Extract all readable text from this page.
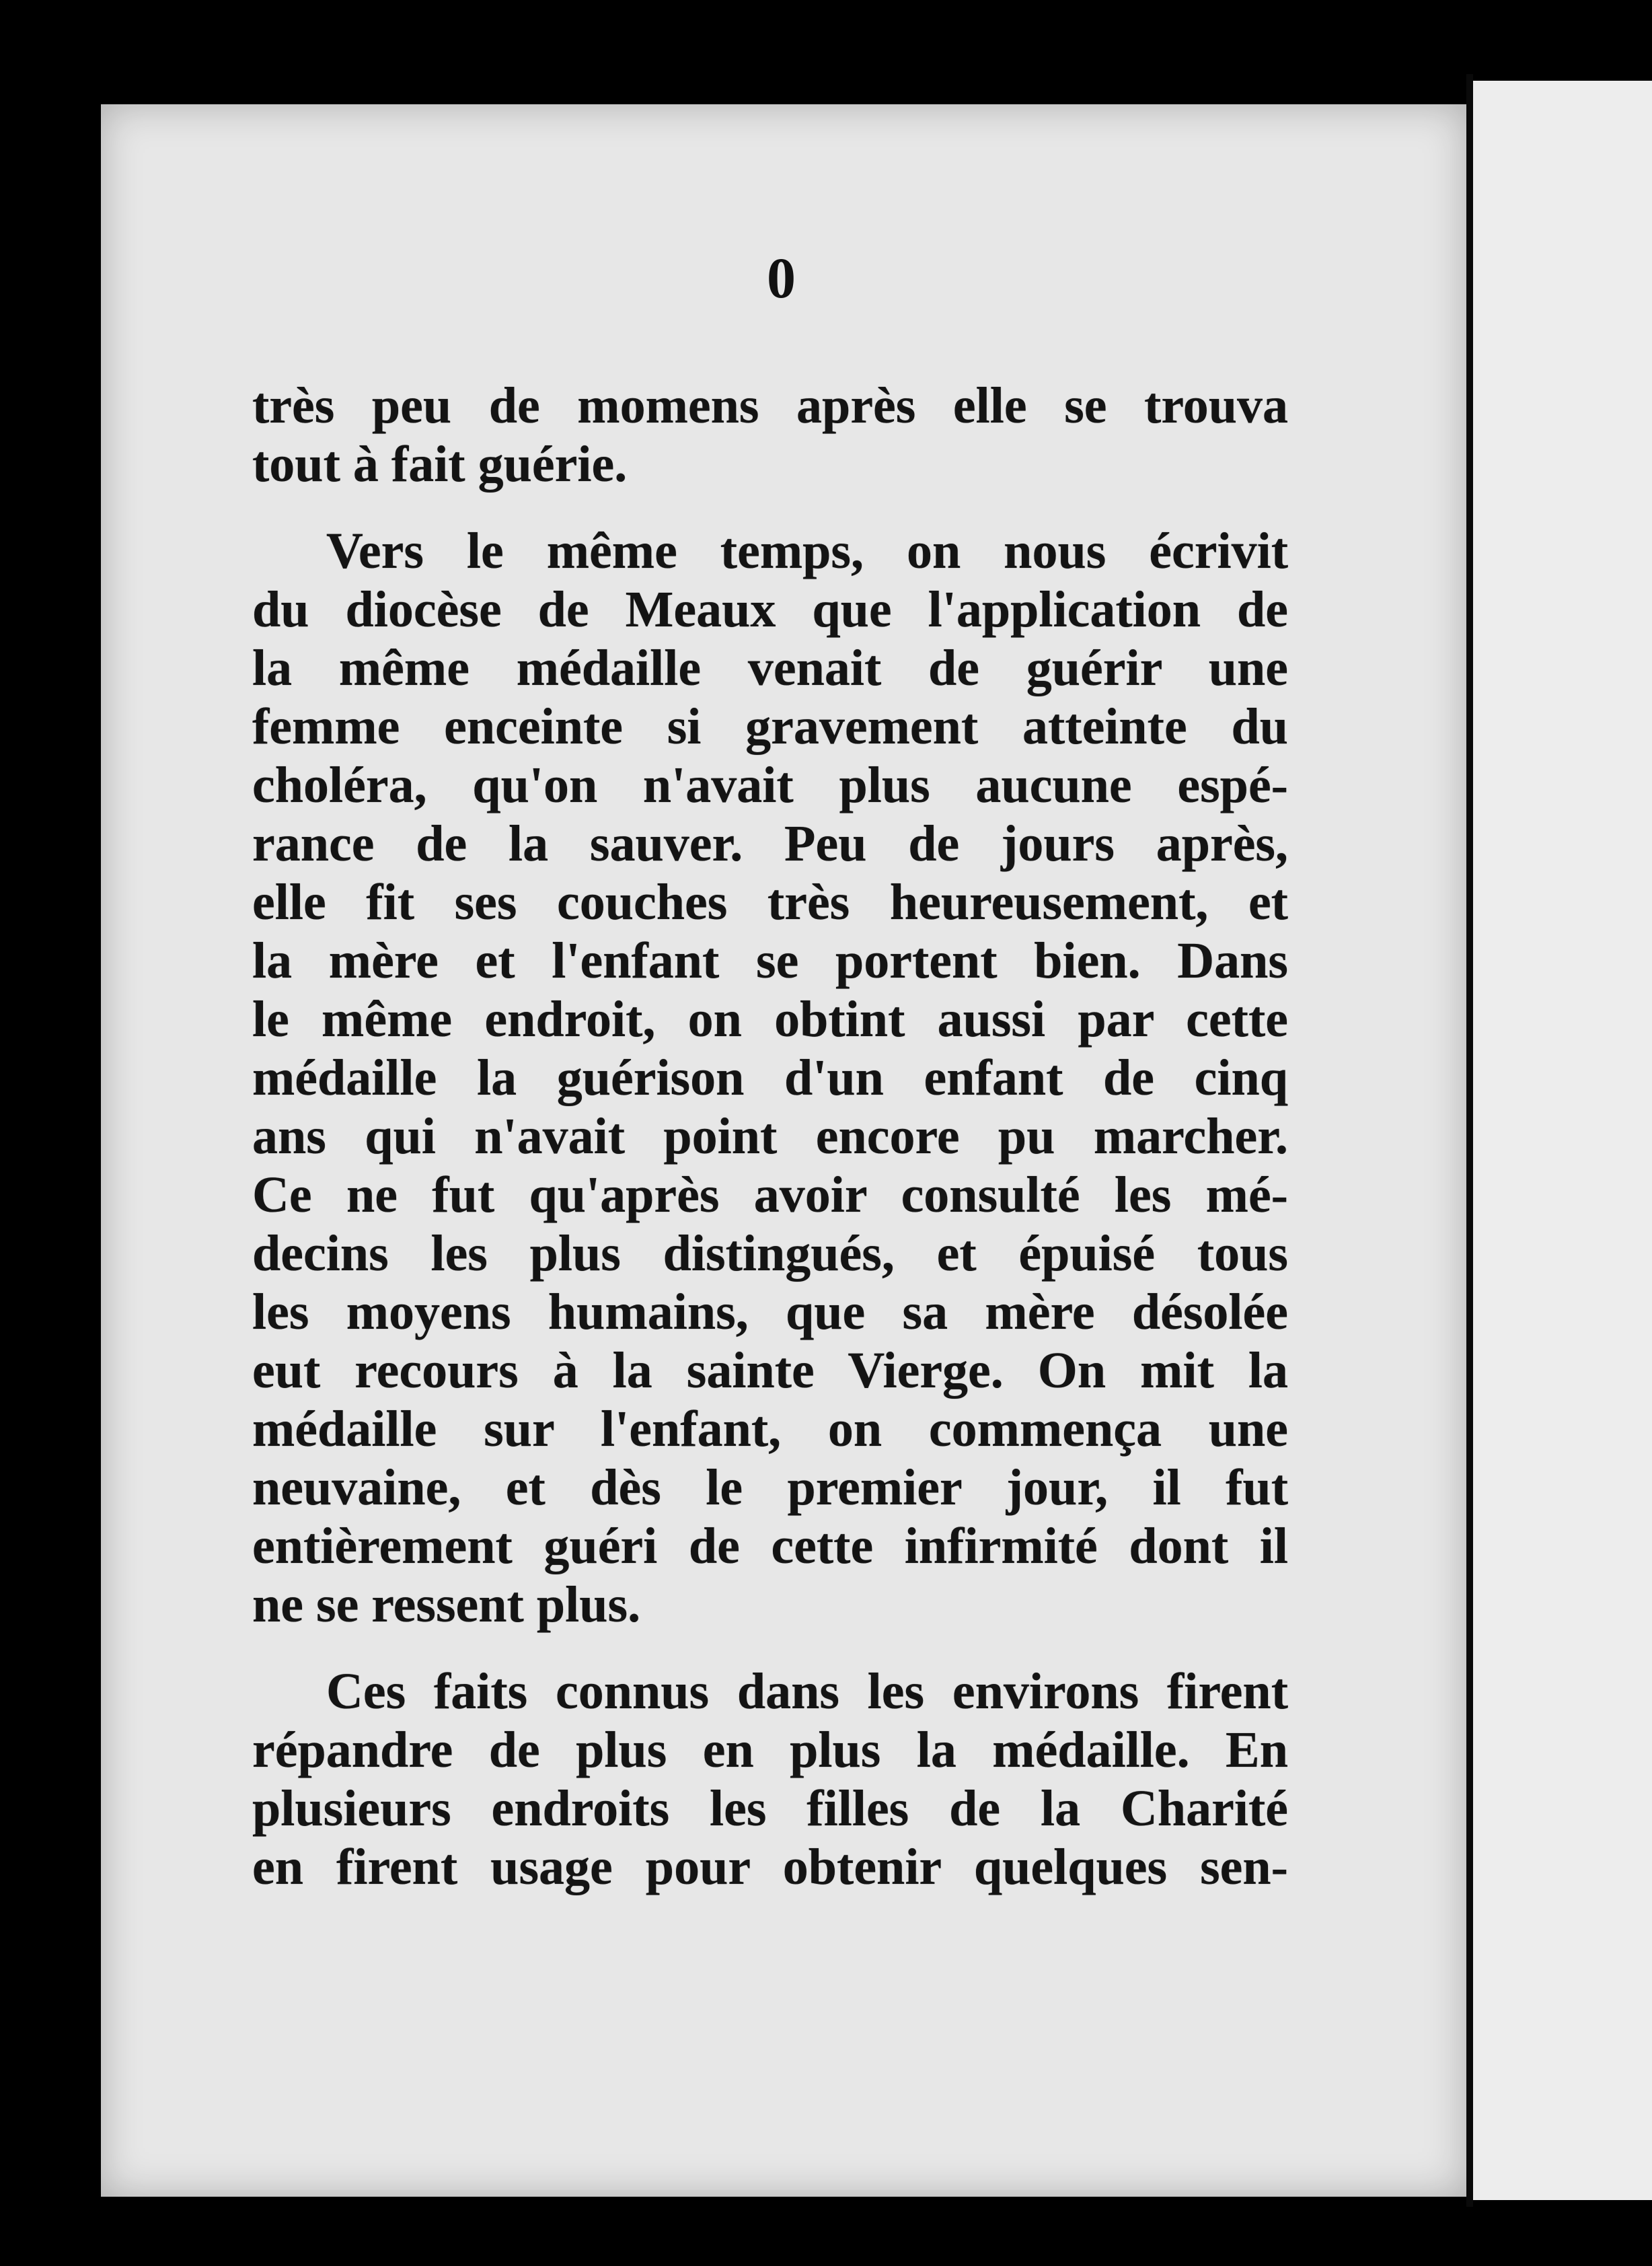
0

très peu de momens après elle se trouva
tout à fait guérie.
Vers le même temps, on nous écrivit
du diocèse de Meaux que l'application de
la même médaille venait de guérir une
femme enceinte si gravement atteinte du
choléra, qu'on n'avait plus aucune espé-
rance de la sauver. Peu de jours après,
elle fit ses couches très heureusement, et
la mère et l'enfant se portent bien. Dans
le même endroit, on obtint aussi par cette
médaille la guérison d'un enfant de cinq
ans qui n'avait point encore pu marcher.
Ce ne fut qu'après avoir consulté les mé-
decins les plus distingués, et épuisé tous
les moyens humains, que sa mère désolée
eut recours à la sainte Vierge. On mit la
médaille sur l'enfant, on commença une
neuvaine, et dès le premier jour, il fut
entièrement guéri de cette infirmité dont il
ne se ressent plus.
Ces faits connus dans les environs firent
répandre de plus en plus la médaille. En
plusieurs endroits les filles de la Charité
en firent usage pour obtenir quelques sen-
